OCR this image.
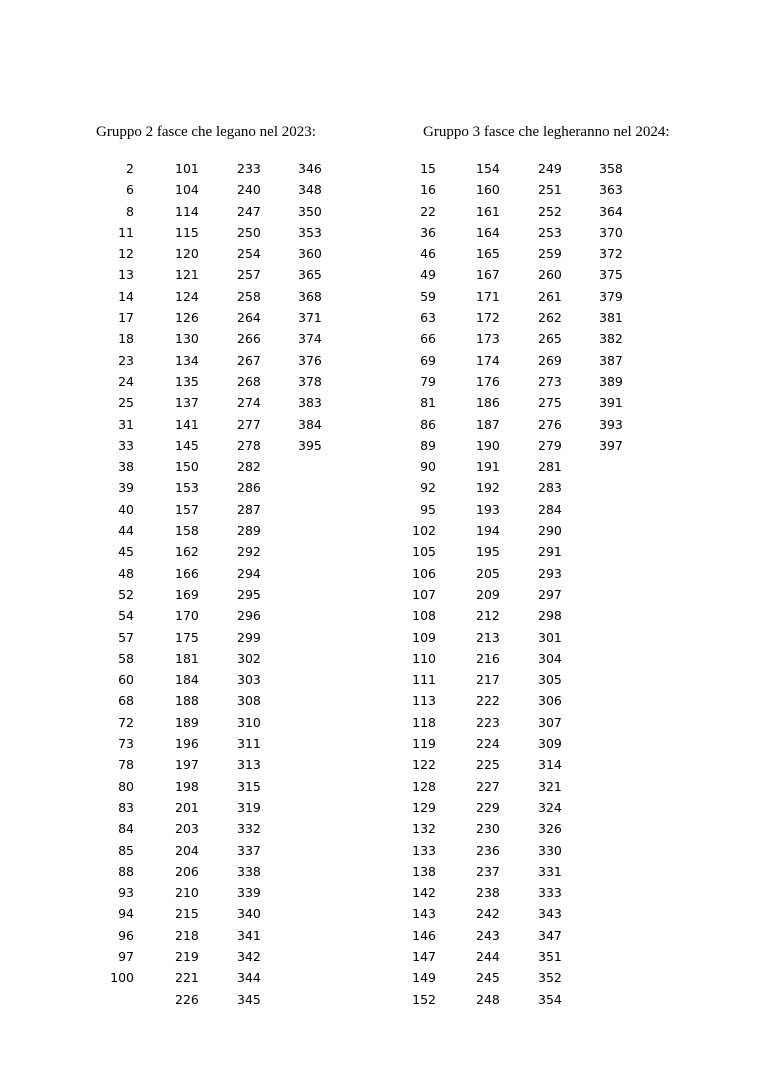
Gruppo 2 fasce che legano nel 2023:	Gruppo 3 fasce che legheranno nel 2024:
2
6
8
11
12
13
14
17
18
23
24
25
31
33
38
39
40
44
45
48
52
54
57
58
60
68
72
73
78
80
83
84
85
88
93
94
96
97
100
101
104
114
115
120
121
124
126
130
134
135
137
141
145
150
153
157
158
162
166
169
170
175
181
184
188
189
196
197
198
201
203
204
206
210
215
218
219
221
226
233
240
247
250
254
257
258
264
266
267
268
274
277
278
282
286
287
289
292
294
295
296
299
302
303
308
310
311
313
315
319
332
337
338
339
340
341
342
344
345
346
348
350
353
360
365
368
371
374
376
378
383
384
395
15
16
22
36
46
49
59
63
66
69
79
81
86
89
90
92
95
102
105
106
107
108
109
110
111
113
118
119
122
128
129
132
133
138
142
143
146
147
149
152
154
160
161
164
165
167
171
172
173
174
176
186
187
190
191
192
193
194
195
205
209
212
213
216
217
222
223
224
225
227
229
230
236
237
238
242
243
244
245
248
249
251
252
253
259
260
261
262
265
269
273
275
276
279
281
283
284
290
291
293
297
298
301
304
305
306
307
309
314
321
324
326
330
331
333
343
347
351
352
354
358
363
364
370
372
375
379
381
382
387
389
391
393
397
